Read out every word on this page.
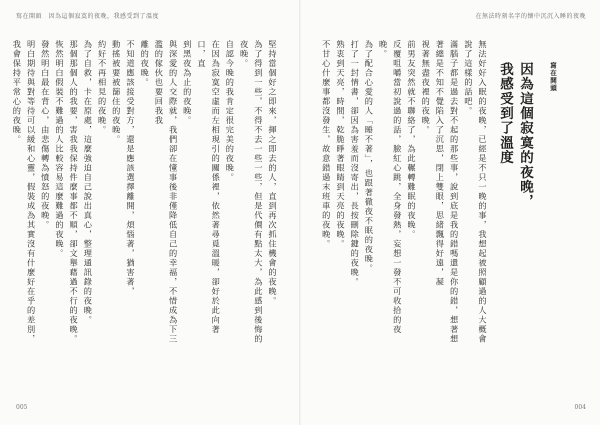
寫在開頭　因為這個寂寞的夜晚，我感受到了溫度

堅持當個好之即來，揮之即去的人，直到再次抓住機會的夜晚。

為了得到一些，不得不去一些一些，但是代價有點太大，為此感到後悔的夜晚。

自認今晚的我肯定很完美的夜晚。

在因為寂寞空虛而左相現引的關係裡，依然著尋覓溫暖，卻好於此向著口，直

到黑夜為止的夜晚。

與深愛的人交際就，我們卻在懂事後非僅降低自己的幸福，不惜成為下三濫的傢伙也要回我我

離的夜晚。

不知道應該接受對方，還是應該選擇離開，煩惱著，猶害著，

動搖被要被篩住的夜晚。

約好不再相見的夜晚。

為了自救，卡在原處，這麼強迫自己說出真心，整理通訊錄的夜晚。

那個那個人的我要，害我我保持件麼事都不順，卻文舉藉過不行的夜晚。

恢然明白假裝不難過的人比較容易這麼難過的夜晚。

發然明白最在背心，由悲傷轉為憤怒的夜晚。

明白期待與對等待可以緩和心靈，假裝成為其實沒有什麼好在乎的差別，我會保持平常心的夜晚。

005
在無法時刻名字的懷中沉沉入睡的夜晚
寫在開頭
因為這個寂寞的夜晚，
我感受到了溫度

無法好好入眠的夜晚，已經是不只一晚的事，我想起被照顧過的人大概會說了這樣的話吧。

滿腦子都是過去對不起的那些事，說到底是我的錯嗎還是你的錯，想著想著總是不知不覺陷入了沉思，閉上雙眼，思緒飄得好遠，凝

視著無盡夜裡的夜晚。

前男友突然就不聯絡了，為此輾轉難眠的夜晚。

反覆咀嚼當初說過的話，臉紅心跳，全身發熱，妄想一發不可收拾的夜晚。

為了配合心愛的人「睡不著」，也跟著徹夜不眠的夜晚。

打了一封情書，卻因為害羞而沒寄出，長按刪除鍵的夜晚。

熟衷到天亮，時間，乾脆睜著眼睛到天亮的夜晚。

不甘心什麼事都沒發生，故意錯過末班車的夜晚。

004
